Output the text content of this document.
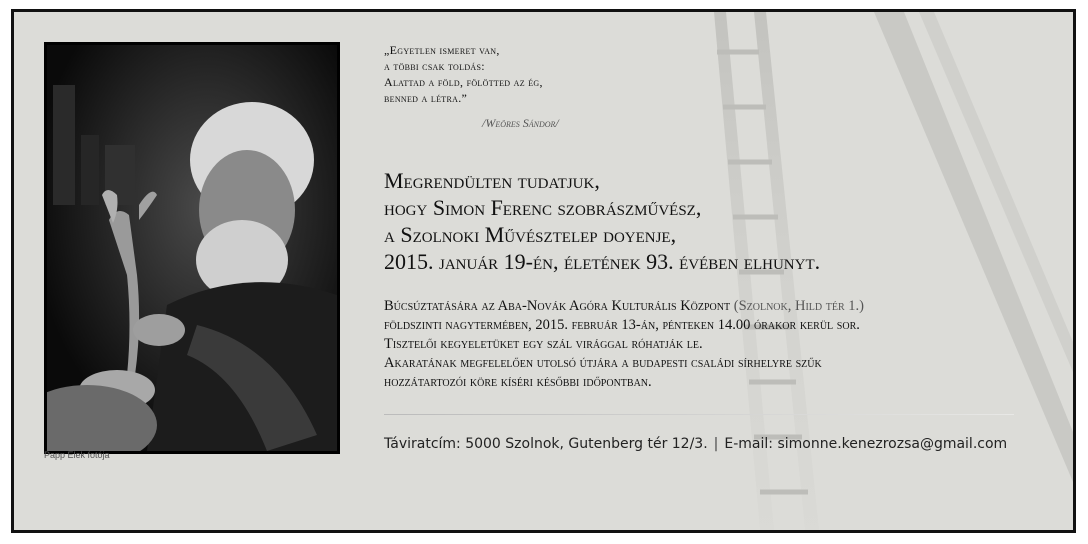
Papp Elek fotója
„Egyetlen ismeret van,
a többi csak toldás:
Alattad a föld, fölötted az ég,
benned a létra.”
/Weöres Sándor/
Megrendülten tudatjuk,
hogy Simon Ferenc szobrászművész,
a Szolnoki Művésztelep doyenje,
2015. január 19-én, életének 93. évében elhunyt.
Búcsúztatására az Aba-Novák Agóra Kulturális Központ (Szolnok, Hild tér 1.)
földszinti nagytermében, 2015. február 13-án, pénteken 14.00 órakor kerül sor.
Tisztelői kegyeletüket egy szál virággal róhatják le.
Akaratának megfelelően utolsó útjára a budapesti családi sírhelyre szűk
hozzátartozói köre kíséri későbbi időpontban.
Táviratcím: 5000 Szolnok, Gutenberg tér 12/3. | E-mail: simonne.kenezrozsa@gmail.com
